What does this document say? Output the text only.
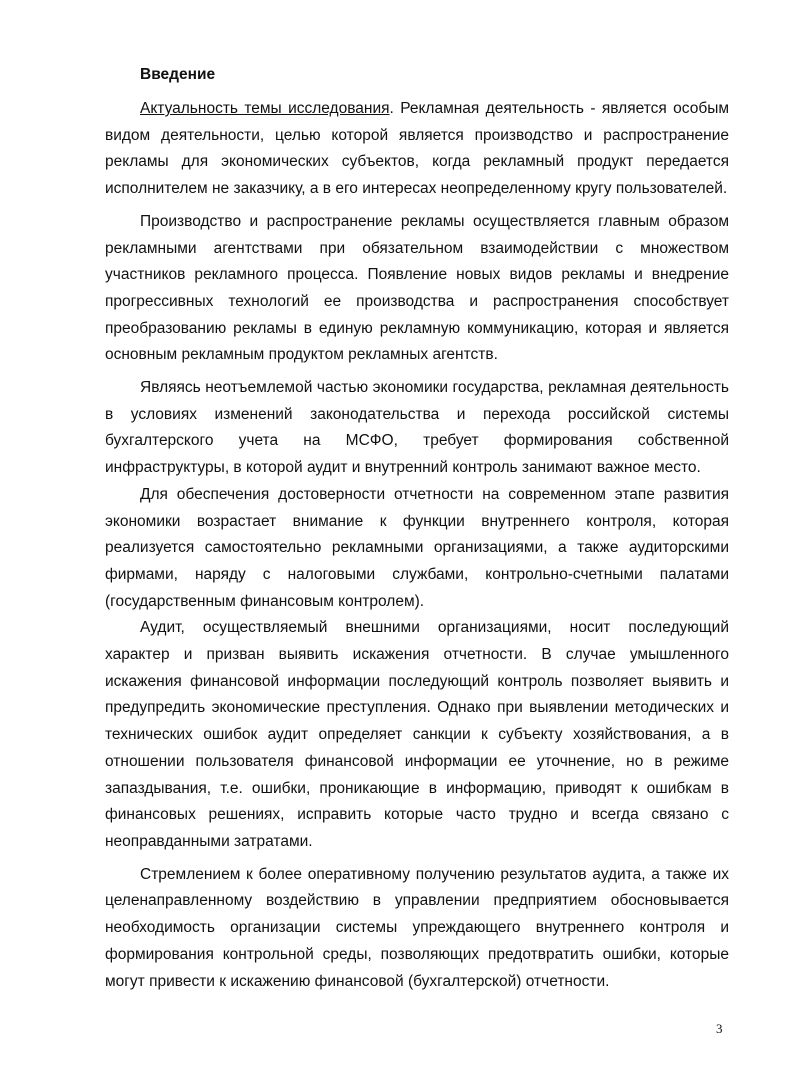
Введение

Актуальность темы исследования. Рекламная деятельность - является особым видом деятельности, целью которой является производство и распространение рекламы для экономических субъектов, когда рекламный продукт передается исполнителем не заказчику, а в его интересах неопределенному кругу пользователей.

Производство и распространение рекламы осуществляется главным образом рекламными агентствами при обязательном взаимодействии с множеством участников рекламного процесса. Появление новых видов рекламы и внедрение прогрессивных технологий ее производства и распространения способствует преобразованию рекламы в единую рекламную коммуникацию, которая и является основным рекламным продуктом рекламных агентств.

Являясь неотъемлемой частью экономики государства, рекламная деятельность в условиях изменений законодательства и перехода российской системы бухгалтерского учета на МСФО, требует формирования собственной инфраструктуры, в которой аудит и внутренний контроль занимают важное место.

Для обеспечения достоверности отчетности на современном этапе развития экономики возрастает внимание к функции внутреннего контроля, которая реализуется самостоятельно рекламными организациями, а также аудиторскими фирмами, наряду с налоговыми службами, контрольно-счетными палатами (государственным финансовым контролем).

Аудит, осуществляемый внешними организациями, носит последующий характер и призван выявить искажения отчетности. В случае умышленного искажения финансовой информации последующий контроль позволяет выявить и предупредить экономические преступления. Однако при выявлении методических и технических ошибок аудит определяет санкции к субъекту хозяйствования, а в отношении пользователя финансовой информации ее уточнение, но в режиме запаздывания, т.е. ошибки, проникающие в информацию, приводят к ошибкам в финансовых решениях, исправить которые часто трудно и всегда связано с неоправданными затратами.

Стремлением к более оперативному получению результатов аудита, а также их целенаправленному воздействию в управлении предприятием обосновывается необходимость организации системы упреждающего внутреннего контроля и формирования контрольной среды, позволяющих предотвратить ошибки, которые могут привести к искажению финансовой (бухгалтерской) отчетности.

3
